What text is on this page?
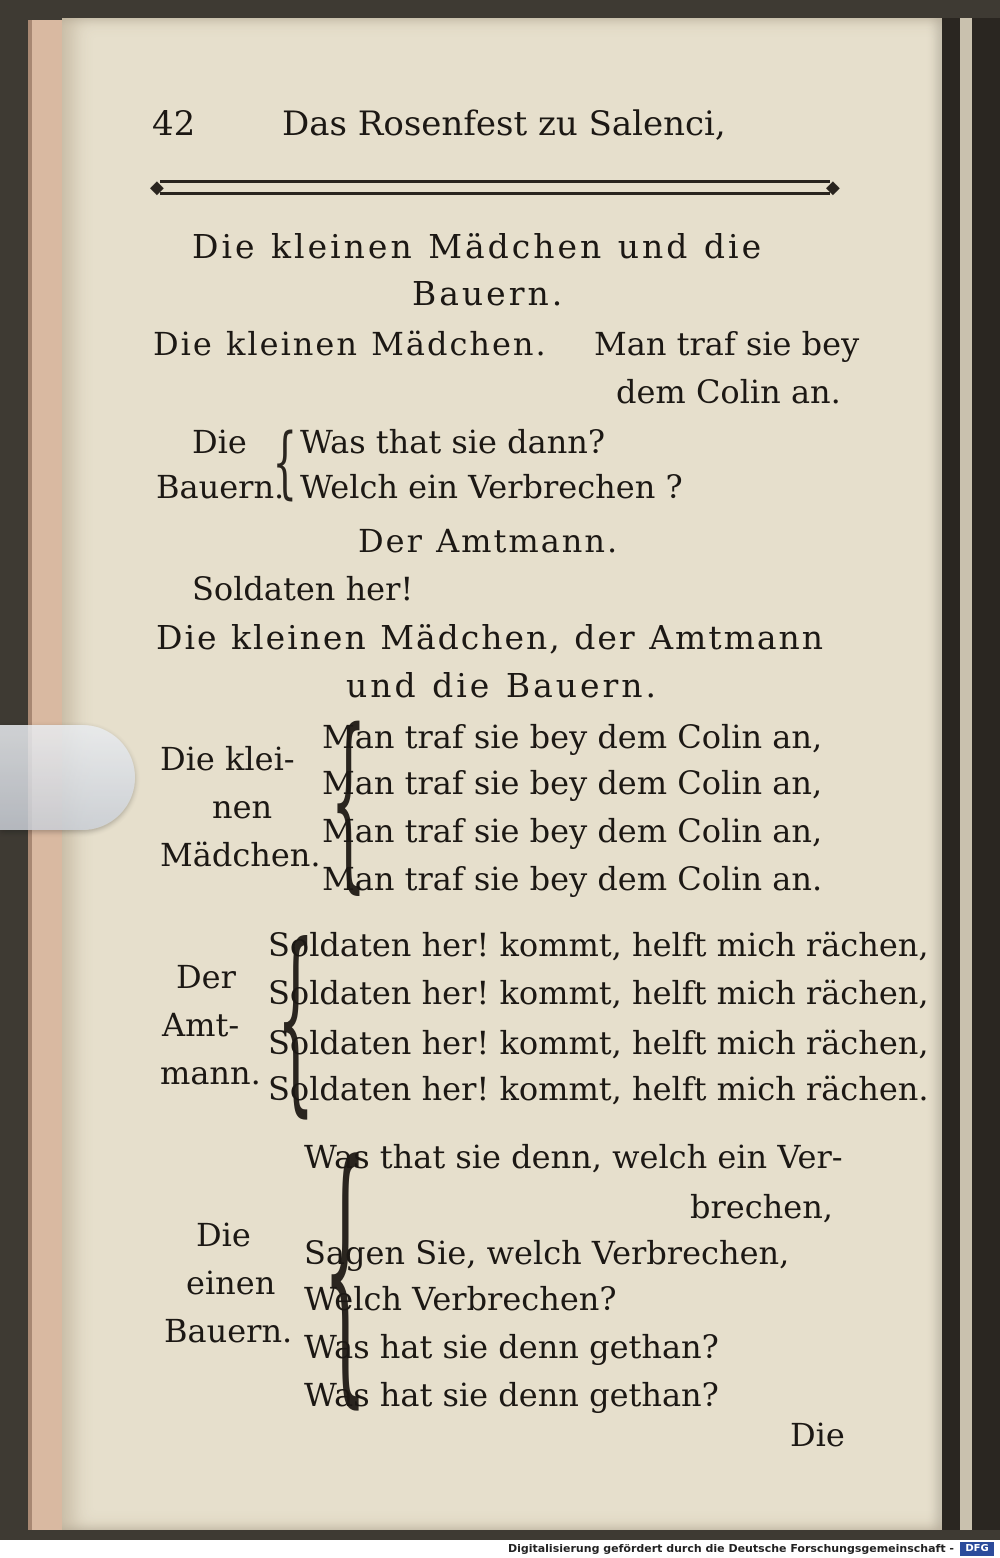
42	Das Rosenfest zu Salenci,
◆	◆
Die kleinen Mädchen und die
Bauern.
Die kleinen Mädchen. Man traf sie bey
dem Colin an.
Die
Bauern.
{ Was that sie dann?
Welch ein Verbrechen ?
Der Amtmann.
Soldaten her!
Die kleinen Mädchen, der Amtmann
und die Bauern.
Die klei-
nen
Mädchen. {
Man traf sie bey dem Colin an,
Man traf sie bey dem Colin an,
Man traf sie bey dem Colin an,
Man traf sie bey dem Colin an.
Der
Amt-
mann. {
Soldaten her! kommt, helft mich rächen,
Soldaten her! kommt, helft mich rächen,
Soldaten her! kommt, helft mich rächen,
Soldaten her! kommt, helft mich rächen.
Die
einen
Bauern. {
Was that sie denn, welch ein Ver-
brechen,
Sagen Sie, welch Verbrechen,
Welch Verbrechen?
Was hat sie denn gethan?
Was hat sie denn gethan?
Die
Digitalisierung gefördert durch die Deutsche Forschungsgemeinschaft -	DFG
